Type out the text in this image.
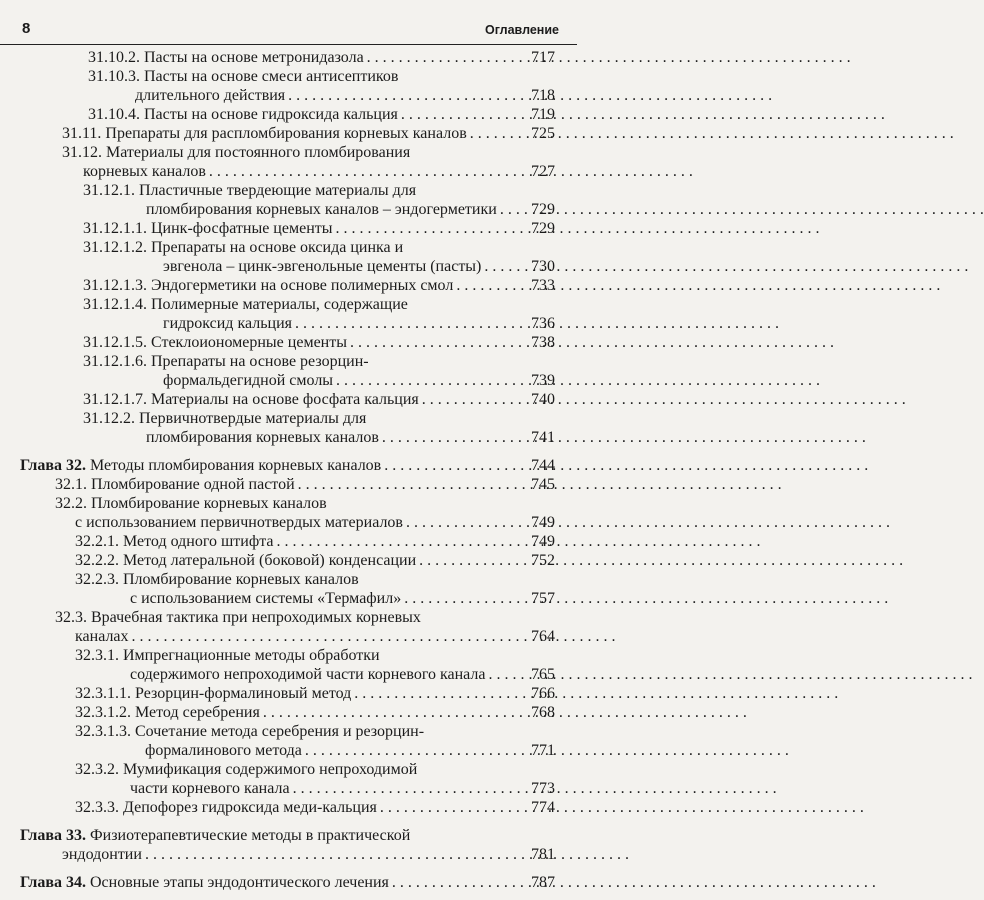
8	Оглавление
31.10.2. Пасты на основе метронидазола . . .	717
31.10.3. Пасты на основе смеси антисептиков
длительного действия . . .	718
31.10.4. Пасты на основе гидроксида кальция . . .	719
31.11. Препараты для распломбирования корневых каналов . . .	725
31.12. Материалы для постоянного пломбирования
корневых каналов . . .	727
31.12.1. Пластичные твердеющие материалы для
пломбирования корневых каналов – эндогерметики . . . 729
31.12.1.1. Цинк-фосфатные цементы . . .	729
31.12.1.2. Препараты на основе оксида цинка и
эвгенола – цинк-эвгенольные цементы (пасты) . . .	730
31.12.1.3. Эндогерметики на основе полимерных смол . . .	733
31.12.1.4. Полимерные материалы, содержащие
гидроксид кальция . . .	736
31.12.1.5. Стеклоиономерные цементы . . .	738
31.12.1.6. Препараты на основе резорцин-
формальдегидной смолы . . .	739
31.12.1.7. Материалы на основе фосфата кальция . . .	740
31.12.2. Первичнотвердые материалы для
пломбирования корневых каналов . . .	741
Глава 32. Методы пломбирования корневых каналов . . .	744
32.1. Пломбирование одной пастой . . .	745
32.2. Пломбирование корневых каналов
с использованием первичнотвердых материалов . . .	749
32.2.1. Метод одного штифта . . .	749
32.2.2. Метод латеральной (боковой) конденсации . . .	752
32.2.3. Пломбирование корневых каналов
с использованием системы «Термафил» . . .	757
32.3. Врачебная тактика при непроходимых корневых
каналах . . .	764
32.3.1. Импрегнационные методы обработки
содержимого непроходимой части корневого канала . . .	765
32.3.1.1. Резорцин-формалиновый метод . . .	766
32.3.1.2. Метод серебрения . . .	768
32.3.1.3. Сочетание метода серебрения и резорцин-
формалинового метода . . .	771
32.3.2. Мумификация содержимого непроходимой
части корневого канала . . .	773
32.3.3. Депофорез гидроксида меди-кальция . . .	774
Глава 33. Физиотерапевтические методы в практической
эндодонтии . . .	781
Глава 34. Основные этапы эндодонтического лечения . . .	787
